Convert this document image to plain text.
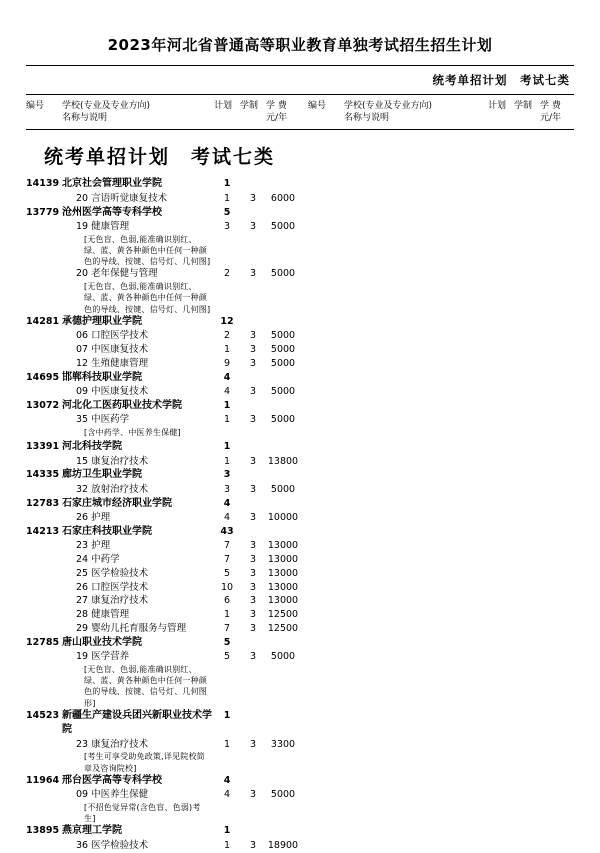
2023年河北省普通高等职业教育单独考试招生招生计划
统考单招计划　考试七类
编号	学校(专业及专业方向)
名称与说明
计划 学制 学 费
元/年
编号	学校(专业及专业方向)
名称与说明
计划 学制 学 费
元/年
统考单招计划　考试七类
14139 北京社会管理职业学院	1
20 言语听觉康复技术	1	3	6000
13779 沧州医学高等专科学校	5
19 健康管理	3	3	5000
[无色盲、色弱,能准确识别红、绿、蓝、黄各种颜色中任何一种颜色的导线、按键、信号灯、几何图]
20 老年保健与管理	2	3	5000
[无色盲、色弱,能准确识别红、绿、蓝、黄各种颜色中任何一种颜色的导线、按键、信号灯、几何图]
14281 承德护理职业学院	12
06 口腔医学技术	2	3	5000
07 中医康复技术	1	3	5000
12 生殖健康管理	9	3	5000
14695 邯郸科技职业学院	4
09 中医康复技术	4	3	5000
13072 河北化工医药职业技术学院	1
35 中医药学	1	3	5000
[含中药学、中医养生保健]
13391 河北科技学院	1
15 康复治疗技术	1	3	13800
14335 廊坊卫生职业学院	3
32 放射治疗技术	3	3	5000
12783 石家庄城市经济职业学院	4
26 护理	4	3	10000
14213 石家庄科技职业学院	43
23 护理	7	3	13000
24 中药学	7	3	13000
25 医学检验技术	5	3	13000
26 口腔医学技术	10	3	13000
27 康复治疗技术	6	3	13000
28 健康管理	1	3	12500
29 婴幼儿托育服务与管理	7	3	12500
12785 唐山职业技术学院	5
19 医学营养	5	3	5000
[无色盲、色弱,能准确识别红、绿、蓝、黄各种颜色中任何一种颜色的导线、按键、信号灯、几何图形]
14523 新疆生产建设兵团兴新职业技术学院
1
23 康复治疗技术	1	3	3300
[考生可享受助免政策,详见院校简章及咨询院校]
11964 邢台医学高等专科学校	4
09 中医养生保健	4	3	5000
[不招色觉异常(含色盲、色弱)考生]
13895 燕京理工学院	1
36 医学检验技术	1	3	18900
